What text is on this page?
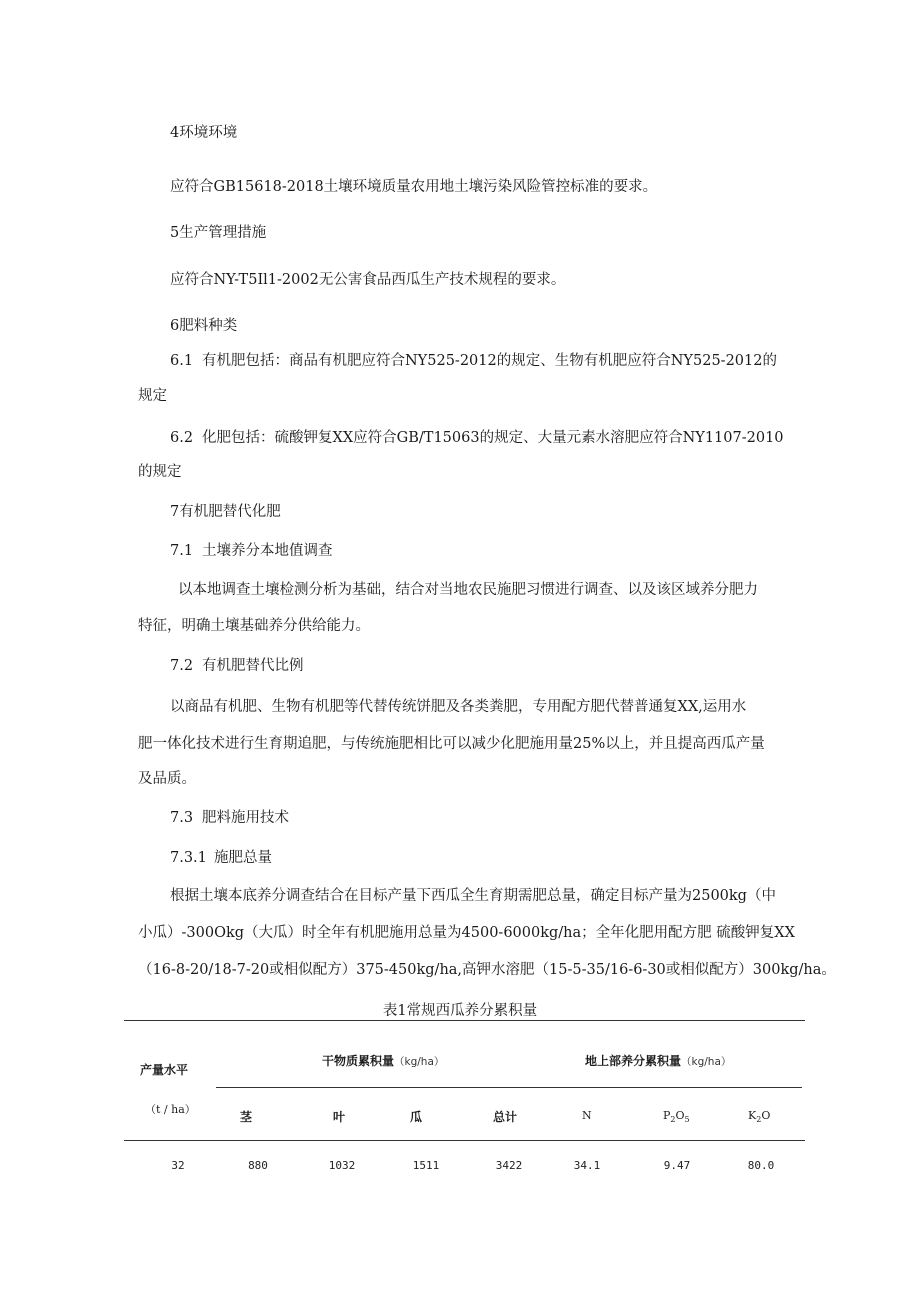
4环境环境
应符合GB15618-2018土壤环境质量农用地土壤污染风险管控标准的要求。
5生产管理措施
应符合NY-T5Il1-2002无公害食品西瓜生产技术规程的要求。
6肥料种类
6.1 有机肥包括：商品有机肥应符合NY525-2012的规定、生物有机肥应符合NY525-2012的
规定
6.2 化肥包括：硫酸钾复XX应符合GB/T15063的规定、大量元素水溶肥应符合NY1107-2010
的规定
7有机肥替代化肥
7.1 土壤养分本地值调查
以本地调查土壤检测分析为基础，结合对当地农民施肥习惯进行调查、以及该区域养分肥力
特征，明确土壤基础养分供给能力。
7.2 有机肥替代比例
以商品有机肥、生物有机肥等代替传统饼肥及各类粪肥，专用配方肥代替普通复XX,运用水
肥一体化技术进行生育期追肥，与传统施肥相比可以减少化肥施用量25%以上，并且提高西瓜产量
及品质。
7.3 肥料施用技术
7.3.1 施肥总量
根据土壤本底养分调查结合在目标产量下西瓜全生育期需肥总量，确定目标产量为2500kg（中
小瓜）-300Okg（大瓜）时全年有机肥施用总量为4500-6000kg/ha；全年化肥用配方肥 硫酸钾复XX
（16-8-20/18-7-20或相似配方）375-450kg/ha,高钾水溶肥（15-5-35/16-6-30或相似配方）300kg/ha。
表1常规西瓜养分累积量
产量水平
（t / ha）
干物质累积量（kg/ha）	地上部养分累积量（kg/ha）
茎	叶	瓜	总计	N	$P_2O_5$	$K_2O$
32	880	1032	1511	3422	34.1	9.47	80.0
